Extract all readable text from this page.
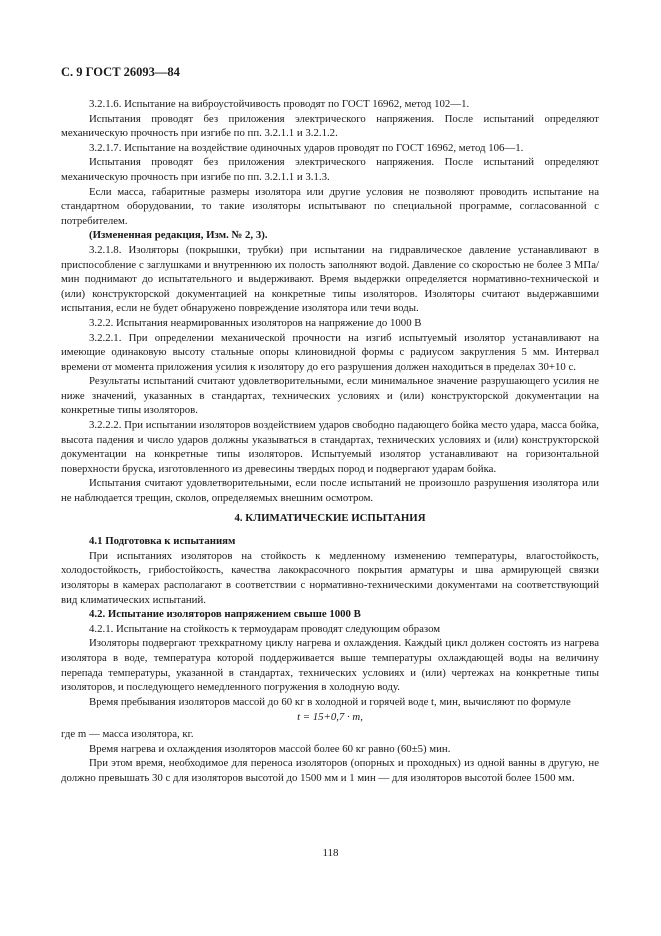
С. 9 ГОСТ 26093—84

3.2.1.6. Испытание на виброустойчивость проводят по ГОСТ 16962, метод 102—1.

Испытания проводят без приложения электрического напряжения. После испытаний определяют механическую прочность при изгибе по пп. 3.2.1.1 и 3.2.1.2.

3.2.1.7. Испытание на воздействие одиночных ударов проводят по ГОСТ 16962, метод 106—1.

Испытания проводят без приложения электрического напряжения. После испытаний определяют механическую прочность при изгибе по пп. 3.2.1.1 и 3.1.3.

Если масса, габаритные размеры изолятора или другие условия не позволяют проводить испытание на стандартном оборудовании, то такие изоляторы испытывают по специальной программе, согласованной с потребителем.

(Измененная редакция, Изм. № 2, 3).

3.2.1.8. Изоляторы (покрышки, трубки) при испытании на гидравлическое давление устанавливают в приспособление с заглушками и внутреннюю их полость заполняют водой. Давление со скоростью не более 3 МПа/мин поднимают до испытательного и выдерживают. Время выдержки определяется нормативно-технической и (или) конструкторской документацией на конкретные типы изоляторов. Изоляторы считают выдержавшими испытания, если не будет обнаружено повреждение изолятора или течи воды.

3.2.2. Испытания неармированных изоляторов на напряжение до 1000 В

3.2.2.1. При определении механической прочности на изгиб испытуемый изолятор устанавливают на имеющие одинаковую высоту стальные опоры клиновидной формы с радиусом закругления 5 мм. Интервал времени от момента приложения усилия к изолятору до его разрушения должен находиться в пределах 30+10 с.

Результаты испытаний считают удовлетворительными, если минимальное значение разрушающего усилия не ниже значений, указанных в стандартах, технических условиях и (или) конструкторской документации на конкретные типы изоляторов.

3.2.2.2. При испытании изоляторов воздействием ударов свободно падающего бойка место удара, масса бойка, высота падения и число ударов должны указываться в стандартах, технических условиях и (или) конструкторской документации на конкретные типы изоляторов. Испытуемый изолятор устанавливают на горизонтальной поверхности бруска, изготовленного из древесины твердых пород и подвергают ударам бойка.

Испытания считают удовлетворительными, если после испытаний не произошло разрушения изолятора или не наблюдается трещин, сколов, определяемых внешним осмотром.

4. КЛИМАТИЧЕСКИЕ ИСПЫТАНИЯ

4.1 Подготовка к испытаниям

При испытаниях изоляторов на стойкость к медленному изменению температуры, влагостойкость, холодостойкость, грибостойкость, качества лакокрасочного покрытия арматуры и шва армирующей связки изоляторы в камерах располагают в соответствии с нормативно-техническими документами на соответствующий вид климатических испытаний.

4.2. Испытание изоляторов напряжением свыше 1000 В

4.2.1. Испытание на стойкость к термоударам проводят следующим образом

Изоляторы подвергают трехкратному циклу нагрева и охлаждения. Каждый цикл должен состоять из нагрева изолятора в воде, температура которой поддерживается выше температуры охлаждающей воды на величину перепада температуры, указанной в стандартах, технических условиях и (или) чертежах на конкретные типы изоляторов, и последующего немедленного погружения в холодную воду.

Время пребывания изоляторов массой до 60 кг в холодной и горячей воде t, мин, вычисляют по формуле

t = 15+0,7 · m,

где m — масса изолятора, кг.

Время нагрева и охлаждения изоляторов массой более 60 кг равно (60±5) мин.

При этом время, необходимое для переноса изоляторов (опорных и проходных) из одной ванны в другую, не должно превышать 30 с для изоляторов высотой до 1500 мм и 1 мин — для изоляторов высотой более 1500 мм.

118
